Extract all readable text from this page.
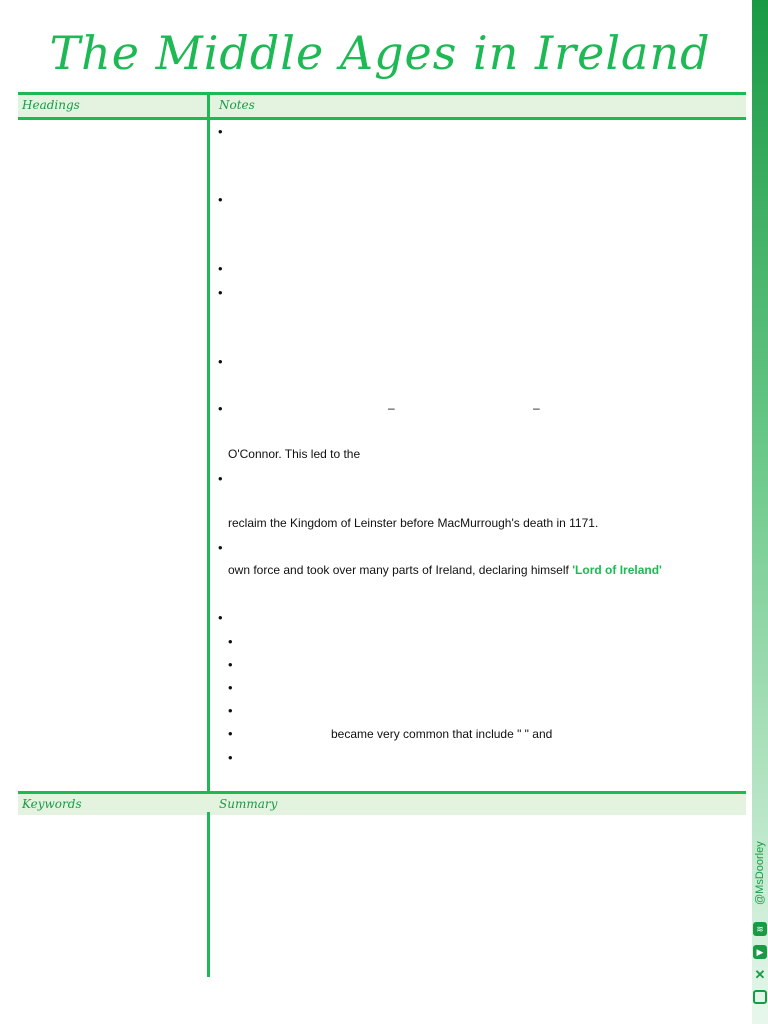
The Middle Ages in Ireland
Headings	Notes
•
•
•
•
•
•	–	–
O'Connor. This led to the
•
reclaim the Kingdom of Leinster before MacMurrough's death in 1171.
•
own force and took over many parts of Ireland, declaring himself 'Lord of Ireland'
•
•
•
•
•
•	became very common that include " " and
•
Keywords	Summary
≋
▶
✕
